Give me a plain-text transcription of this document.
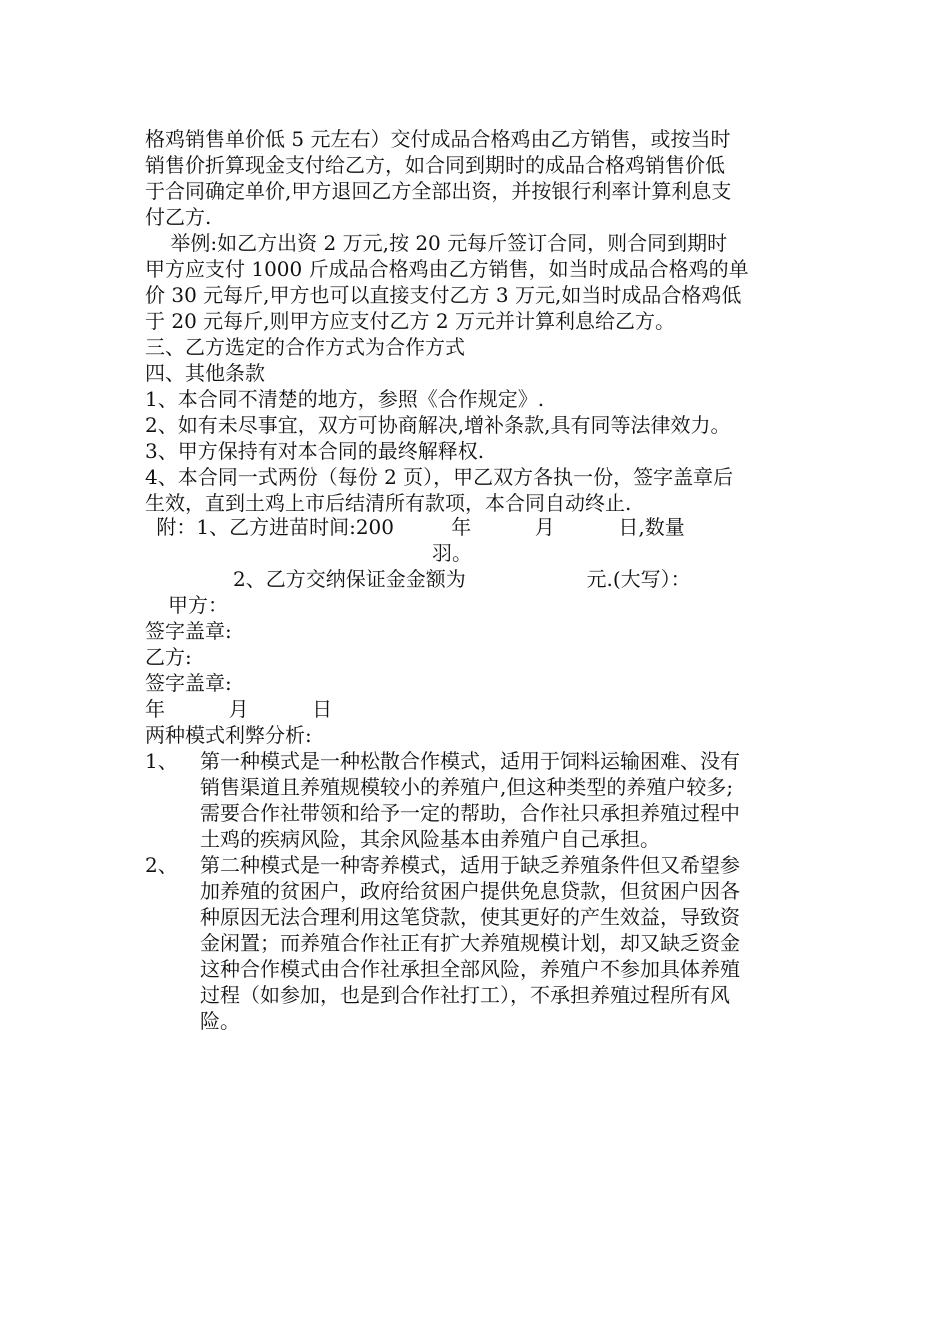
格鸡销售单价低 5 元左右）交付成品合格鸡由乙方销售，或按当时
销售价折算现金支付给乙方，如合同到期时的成品合格鸡销售价低
于合同确定单价,甲方退回乙方全部出资，并按银行利率计算利息支
付乙方.
举例:如乙方出资 2 万元,按 20 元每斤签订合同，则合同到期时
甲方应支付 1000 斤成品合格鸡由乙方销售，如当时成品合格鸡的单
价 30 元每斤,甲方也可以直接支付乙方 3 万元,如当时成品合格鸡低
于 20 元每斤,则甲方应支付乙方 2 万元并计算利息给乙方。
三、乙方选定的合作方式为合作方式
四、其他条款
1、本合同不清楚的地方，参照《合作规定》.
2、如有未尽事宜，双方可协商解决,增补条款,具有同等法律效力。
3、甲方保持有对本合同的最终解释权.
4、本合同一式两份（每份 2 页），甲乙双方各执一份，签字盖章后
生效，直到土鸡上市后结清所有款项，本合同自动终止.
附：1、乙方进苗时间:200         年          月          日,数量
羽。
2、乙方交纳保证金金额为                   元.(大写）：
甲方：
签字盖章:
乙方:
签字盖章:
年          月          日
两种模式利弊分析:
1、 第一种模式是一种松散合作模式，适用于饲料运输困难、没有
销售渠道且养殖规模较小的养殖户,但这种类型的养殖户较多;
需要合作社带领和给予一定的帮助，合作社只承担养殖过程中
土鸡的疾病风险，其余风险基本由养殖户自己承担。
2、 第二种模式是一种寄养模式，适用于缺乏养殖条件但又希望参
加养殖的贫困户，政府给贫困户提供免息贷款，但贫困户因各
种原因无法合理利用这笔贷款，使其更好的产生效益，导致资
金闲置；而养殖合作社正有扩大养殖规模计划，却又缺乏资金
这种合作模式由合作社承担全部风险，养殖户不参加具体养殖
过程（如参加，也是到合作社打工），不承担养殖过程所有风
险。
